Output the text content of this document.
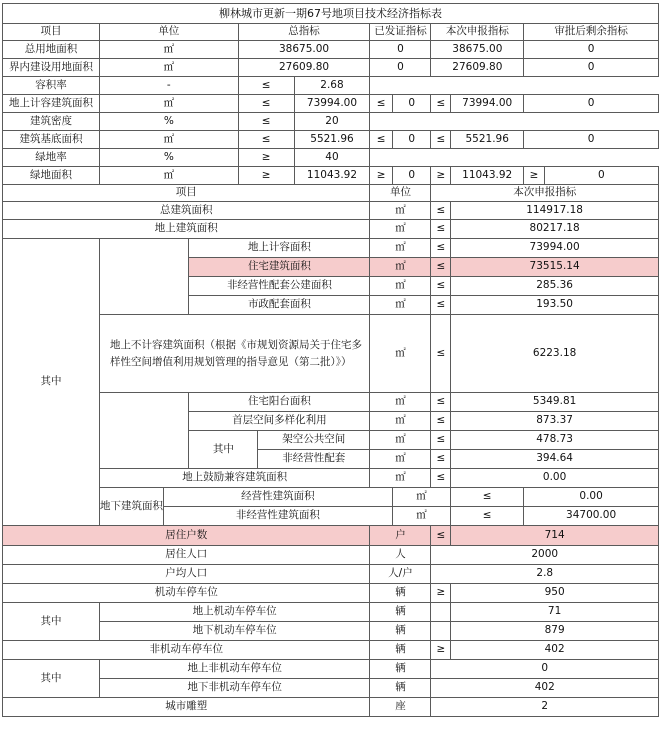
柳林城市更新一期67号地项目技术经济指标表												
项目	单位			总指标			已发证指标		本次申报指标		审批后剩余指标	
总用地面积	㎡			38675.00			0		38675.00		0	
界内建设用地面积	㎡			27609.80			0		27609.80		0	
容积率	-			≤		2.68						
地上计容建筑面积	㎡			≤		73994.00	≤	0	≤	73994.00	0	
建筑密度	%			≤		20						
建筑基底面积	㎡			≤		5521.96	≤	0	≤	5521.96	0	
绿地率	%			≥		40						
绿地面积	㎡			≥		11043.92	≥	0	≥	11043.92	≥	0
项目							单位		本次申报指标			
总建筑面积							㎡		≤	114917.18		
地上建筑面积							㎡		≤	80217.18		
其中			地上计容面积				㎡		≤	73994.00		
			住宅建筑面积				㎡		≤	73515.14		
			非经营性配套公建面积				㎡		≤	285.36		
			市政配套面积				㎡		≤	193.50		
	地上不计容建筑面积（根据《市规划资源局关于住宅多样性空间增值利用规划管理的指导意见（第二批）》）						㎡		≤	6223.18		
			住宅阳台面积				㎡		≤	5349.81		
			首层空间多样化利用				㎡		≤	873.37		
			其中		架空公共空间		㎡		≤	478.73		
					非经营性配套		㎡		≤	394.64		
	地上鼓励兼容建筑面积						㎡		≤	0.00		
	地下建筑面积	经营性建筑面积						㎡		≤	0.00	
		非经营性建筑面积						㎡		≤	34700.00	
居住户数							户		≤	714		
居住人口							人		2000			
户均人口							人/户		2.8			
机动车停车位							辆		≥	950		
其中	地上机动车停车位						辆			71		
	地下机动车停车位						辆			879		
非机动车停车位							辆		≥	402		
其中	地上非机动车停车位						辆		0			
	地下非机动车停车位						辆		402			
城市雕塑							座		2			
